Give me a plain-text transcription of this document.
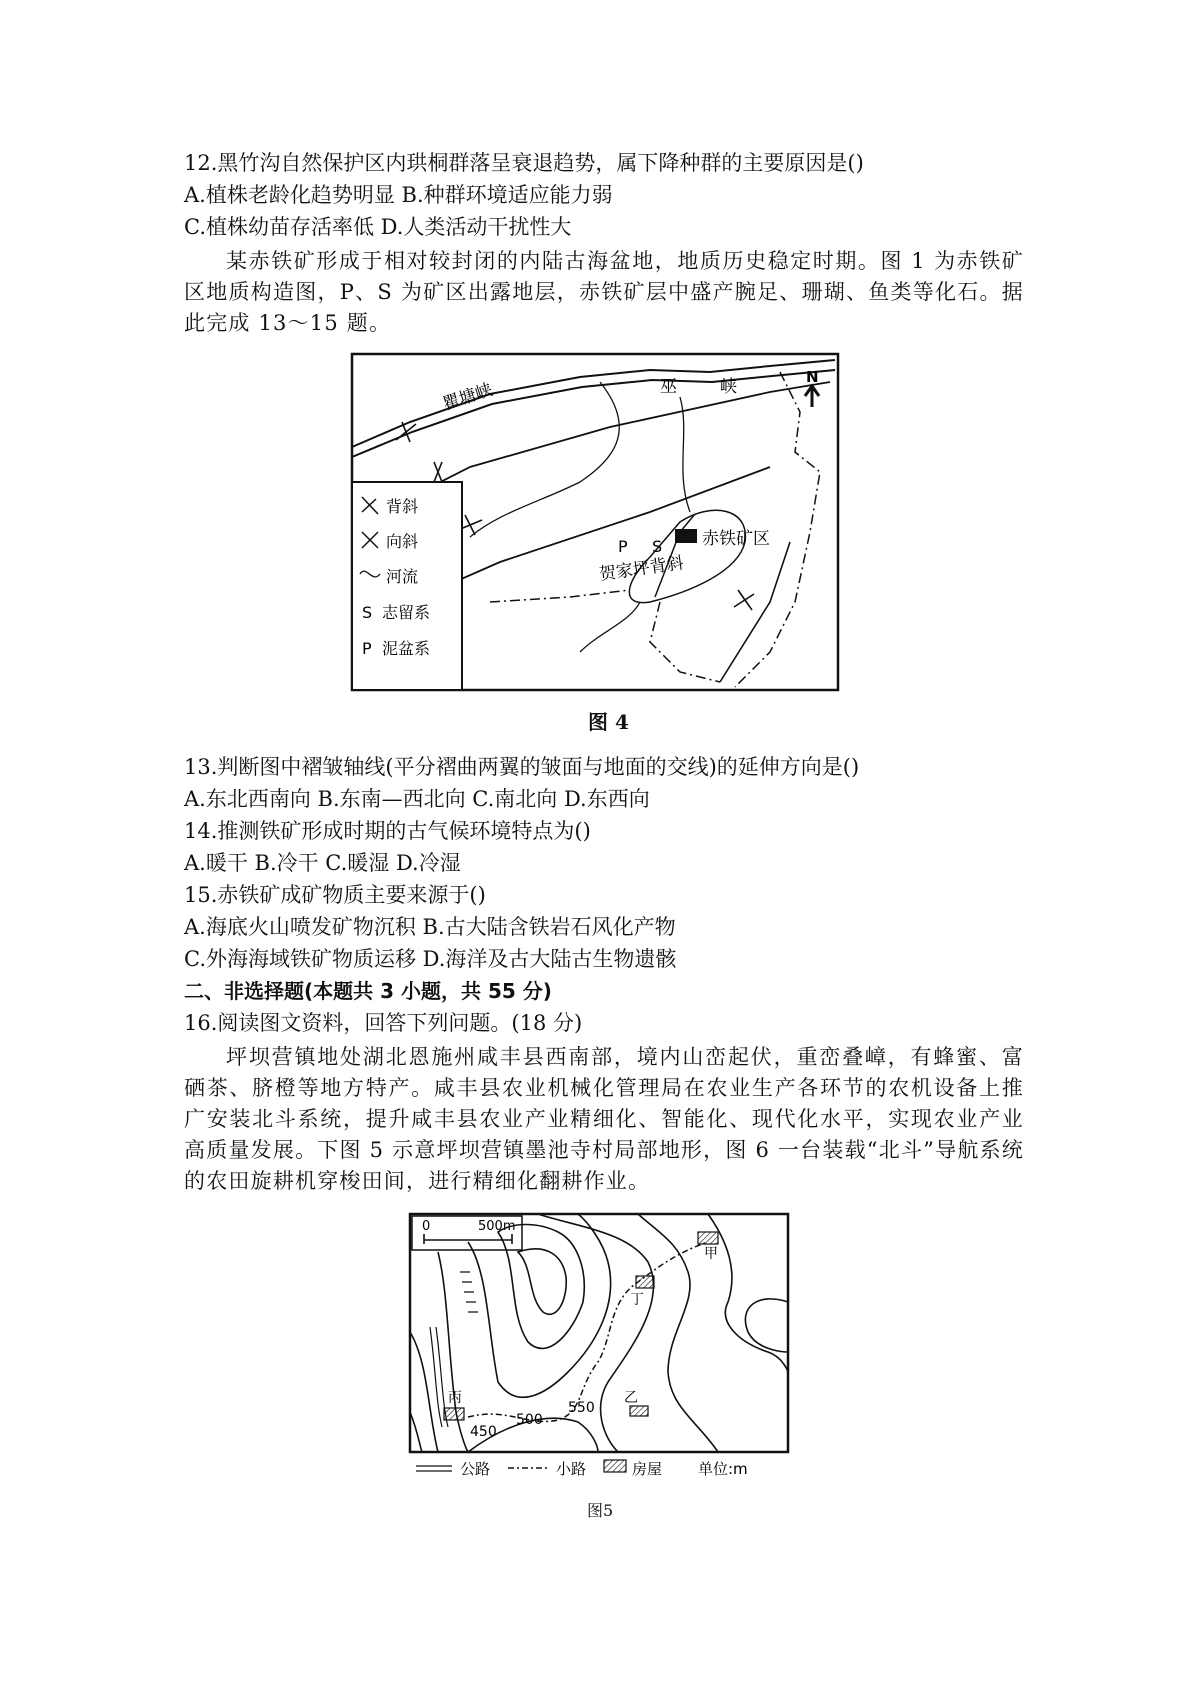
12.黑竹沟自然保护区内珙桐群落呈衰退趋势，属下降种群的主要原因是()
A.植株老龄化趋势明显 B.种群环境适应能力弱
C.植株幼苗存活率低 D.人类活动干扰性大
某赤铁矿形成于相对较封闭的内陆古海盆地，地质历史稳定时期。图 1 为赤铁矿区地质构造图，P、S 为矿区出露地层，赤铁矿层中盛产腕足、珊瑚、鱼类等化石。据此完成 13～15 题。
N
瞿塘峡	巫	峡
赤铁矿区
P S
贺家坪背斜
背斜
向斜
河流
S 志留系
P 泥盆系
图 4
13.判断图中褶皱轴线(平分褶曲两翼的皱面与地面的交线)的延伸方向是()
A.东北西南向 B.东南—西北向 C.南北向 D.东西向
14.推测铁矿形成时期的古气候环境特点为()
A.暖干 B.冷干 C.暖湿 D.冷湿
15.赤铁矿成矿物质主要来源于()
A.海底火山喷发矿物沉积 B.古大陆含铁岩石风化产物
C.外海海域铁矿物质运移 D.海洋及古大陆古生物遗骸
二、非选择题(本题共 3 小题，共 55 分)
16.阅读图文资料，回答下列问题。(18 分)
坪坝营镇地处湖北恩施州咸丰县西南部，境内山峦起伏，重峦叠嶂，有蜂蜜、富硒茶、脐橙等地方特产。咸丰县农业机械化管理局在农业生产各环节的农机设备上推广安装北斗系统，提升咸丰县农业产业精细化、智能化、现代化水平，实现农业产业高质量发展。下图 5 示意坪坝营镇墨池寺村局部地形，图 6 一台装载“北斗”导航系统的农田旋耕机穿梭田间，进行精细化翻耕作业。
0	500m
甲
丁
丙	乙
450
500
550
公路	小路	房屋 单位:m
图5
